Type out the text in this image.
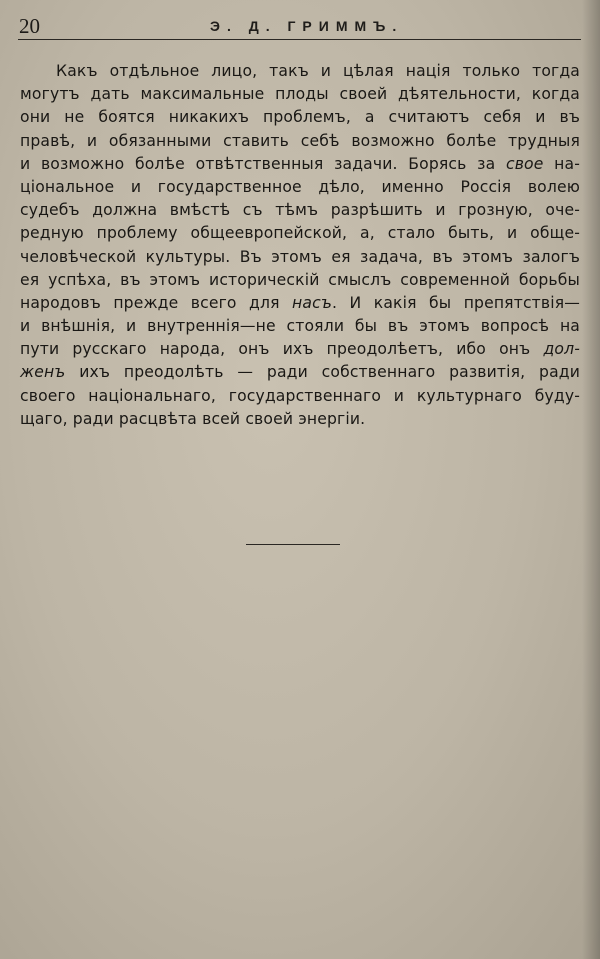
20	Э. Д. ГРИММЪ.
Какъ отдѣльное лицо, такъ и цѣлая нація только тогда
могутъ дать максимальные плоды своей дѣятельности, когда
они не боятся никакихъ проблемъ, а считаютъ себя и въ
правѣ, и обязанными ставить себѣ возможно болѣе трудныя
и возможно болѣе отвѣтственныя задачи. Борясь за свое на-
ціональное и государственное дѣло, именно Россія волею
судебъ должна вмѣстѣ съ тѣмъ разрѣшить и грозную, оче-
редную проблему общеевропейской, а, стало быть, и обще-
человѣческой культуры. Въ этомъ ея задача, въ этомъ залогъ
ея успѣха, въ этомъ историческій смыслъ современной борьбы
народовъ прежде всего для насъ. И какія бы препятствія—
и внѣшнія, и внутреннія—не стояли бы въ этомъ вопросѣ на
пути русскаго народа, онъ ихъ преодолѣетъ, ибо онъ дол-
женъ ихъ преодолѣть — ради собственнаго развитія, ради
своего національнаго, государственнаго и культурнаго буду-
щаго, ради расцвѣта всей своей энергіи.
